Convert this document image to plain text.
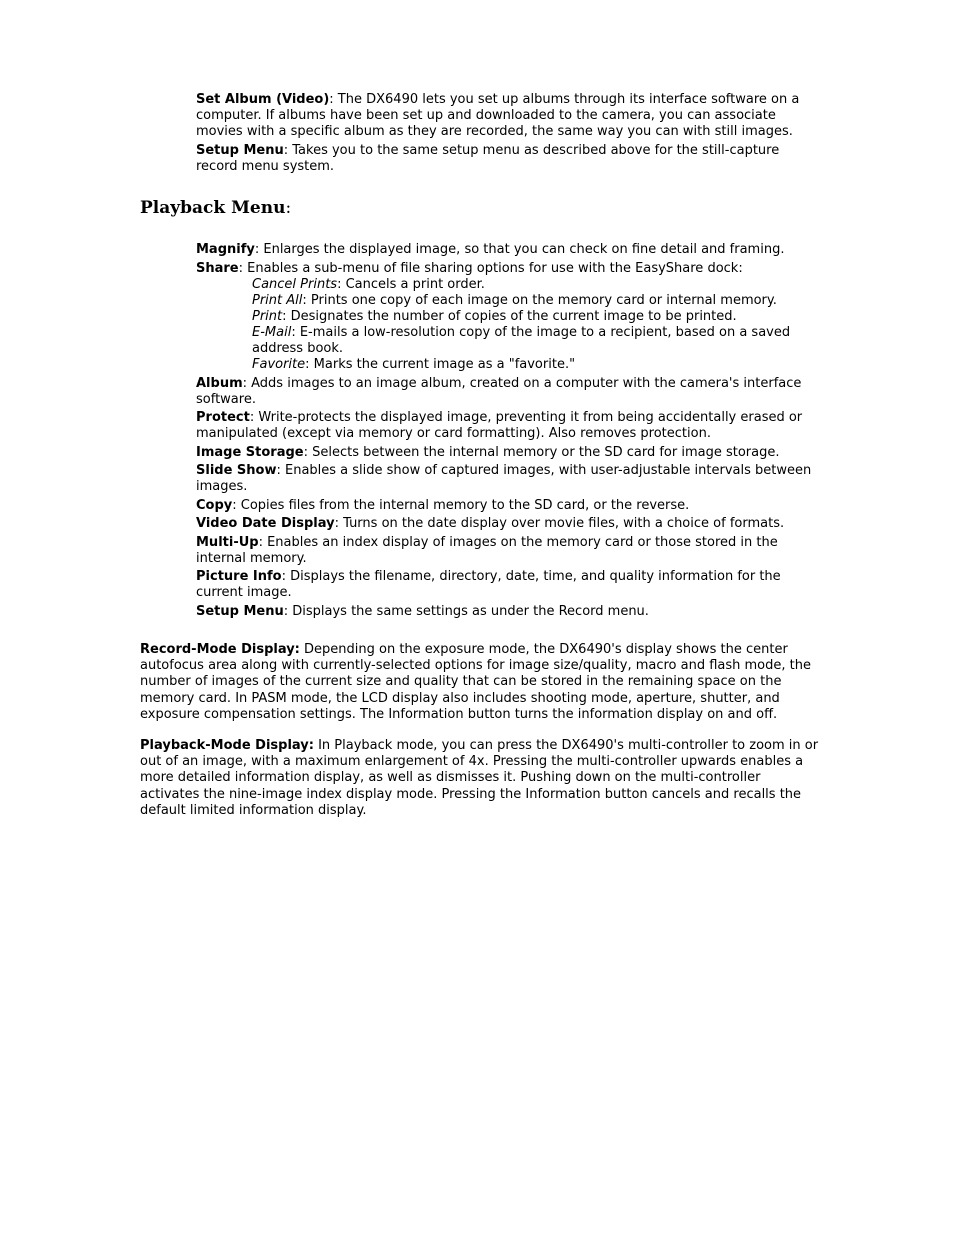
Set Album (Video): The DX6490 lets you set up albums through its interface software on a computer. If albums have been set up and downloaded to the camera, you can associate movies with a specific album as they are recorded, the same way you can with still images.

Setup Menu: Takes you to the same setup menu as described above for the still-capture record menu system.

Playback Menu:

Magnify: Enlarges the displayed image, so that you can check on fine detail and framing.

Share: Enables a sub-menu of file sharing options for use with the EasyShare dock:

Cancel Prints: Cancels a print order.

Print All: Prints one copy of each image on the memory card or internal memory.

Print: Designates the number of copies of the current image to be printed.

E-Mail: E-mails a low-resolution copy of the image to a recipient, based on a saved address book.

Favorite: Marks the current image as a "favorite."

Album: Adds images to an image album, created on a computer with the camera's interface software.

Protect: Write-protects the displayed image, preventing it from being accidentally erased or manipulated (except via memory or card formatting). Also removes protection.

Image Storage: Selects between the internal memory or the SD card for image storage.

Slide Show: Enables a slide show of captured images, with user-adjustable intervals between images.

Copy: Copies files from the internal memory to the SD card, or the reverse.

Video Date Display: Turns on the date display over movie files, with a choice of formats.

Multi-Up: Enables an index display of images on the memory card or those stored in the internal memory.

Picture Info: Displays the filename, directory, date, time, and quality information for the current image.

Setup Menu: Displays the same settings as under the Record menu.

Record-Mode Display: Depending on the exposure mode, the DX6490's display shows the center autofocus area along with currently-selected options for image size/quality, macro and flash mode, the number of images of the current size and quality that can be stored in the remaining space on the memory card. In PASM mode, the LCD display also includes shooting mode, aperture, shutter, and exposure compensation settings. The Information button turns the information display on and off.

Playback-Mode Display: In Playback mode, you can press the DX6490's multi-controller to zoom in or out of an image, with a maximum enlargement of 4x. Pressing the multi-controller upwards enables a more detailed information display, as well as dismisses it. Pushing down on the multi-controller activates the nine-image index display mode. Pressing the Information button cancels and recalls the default limited information display.
